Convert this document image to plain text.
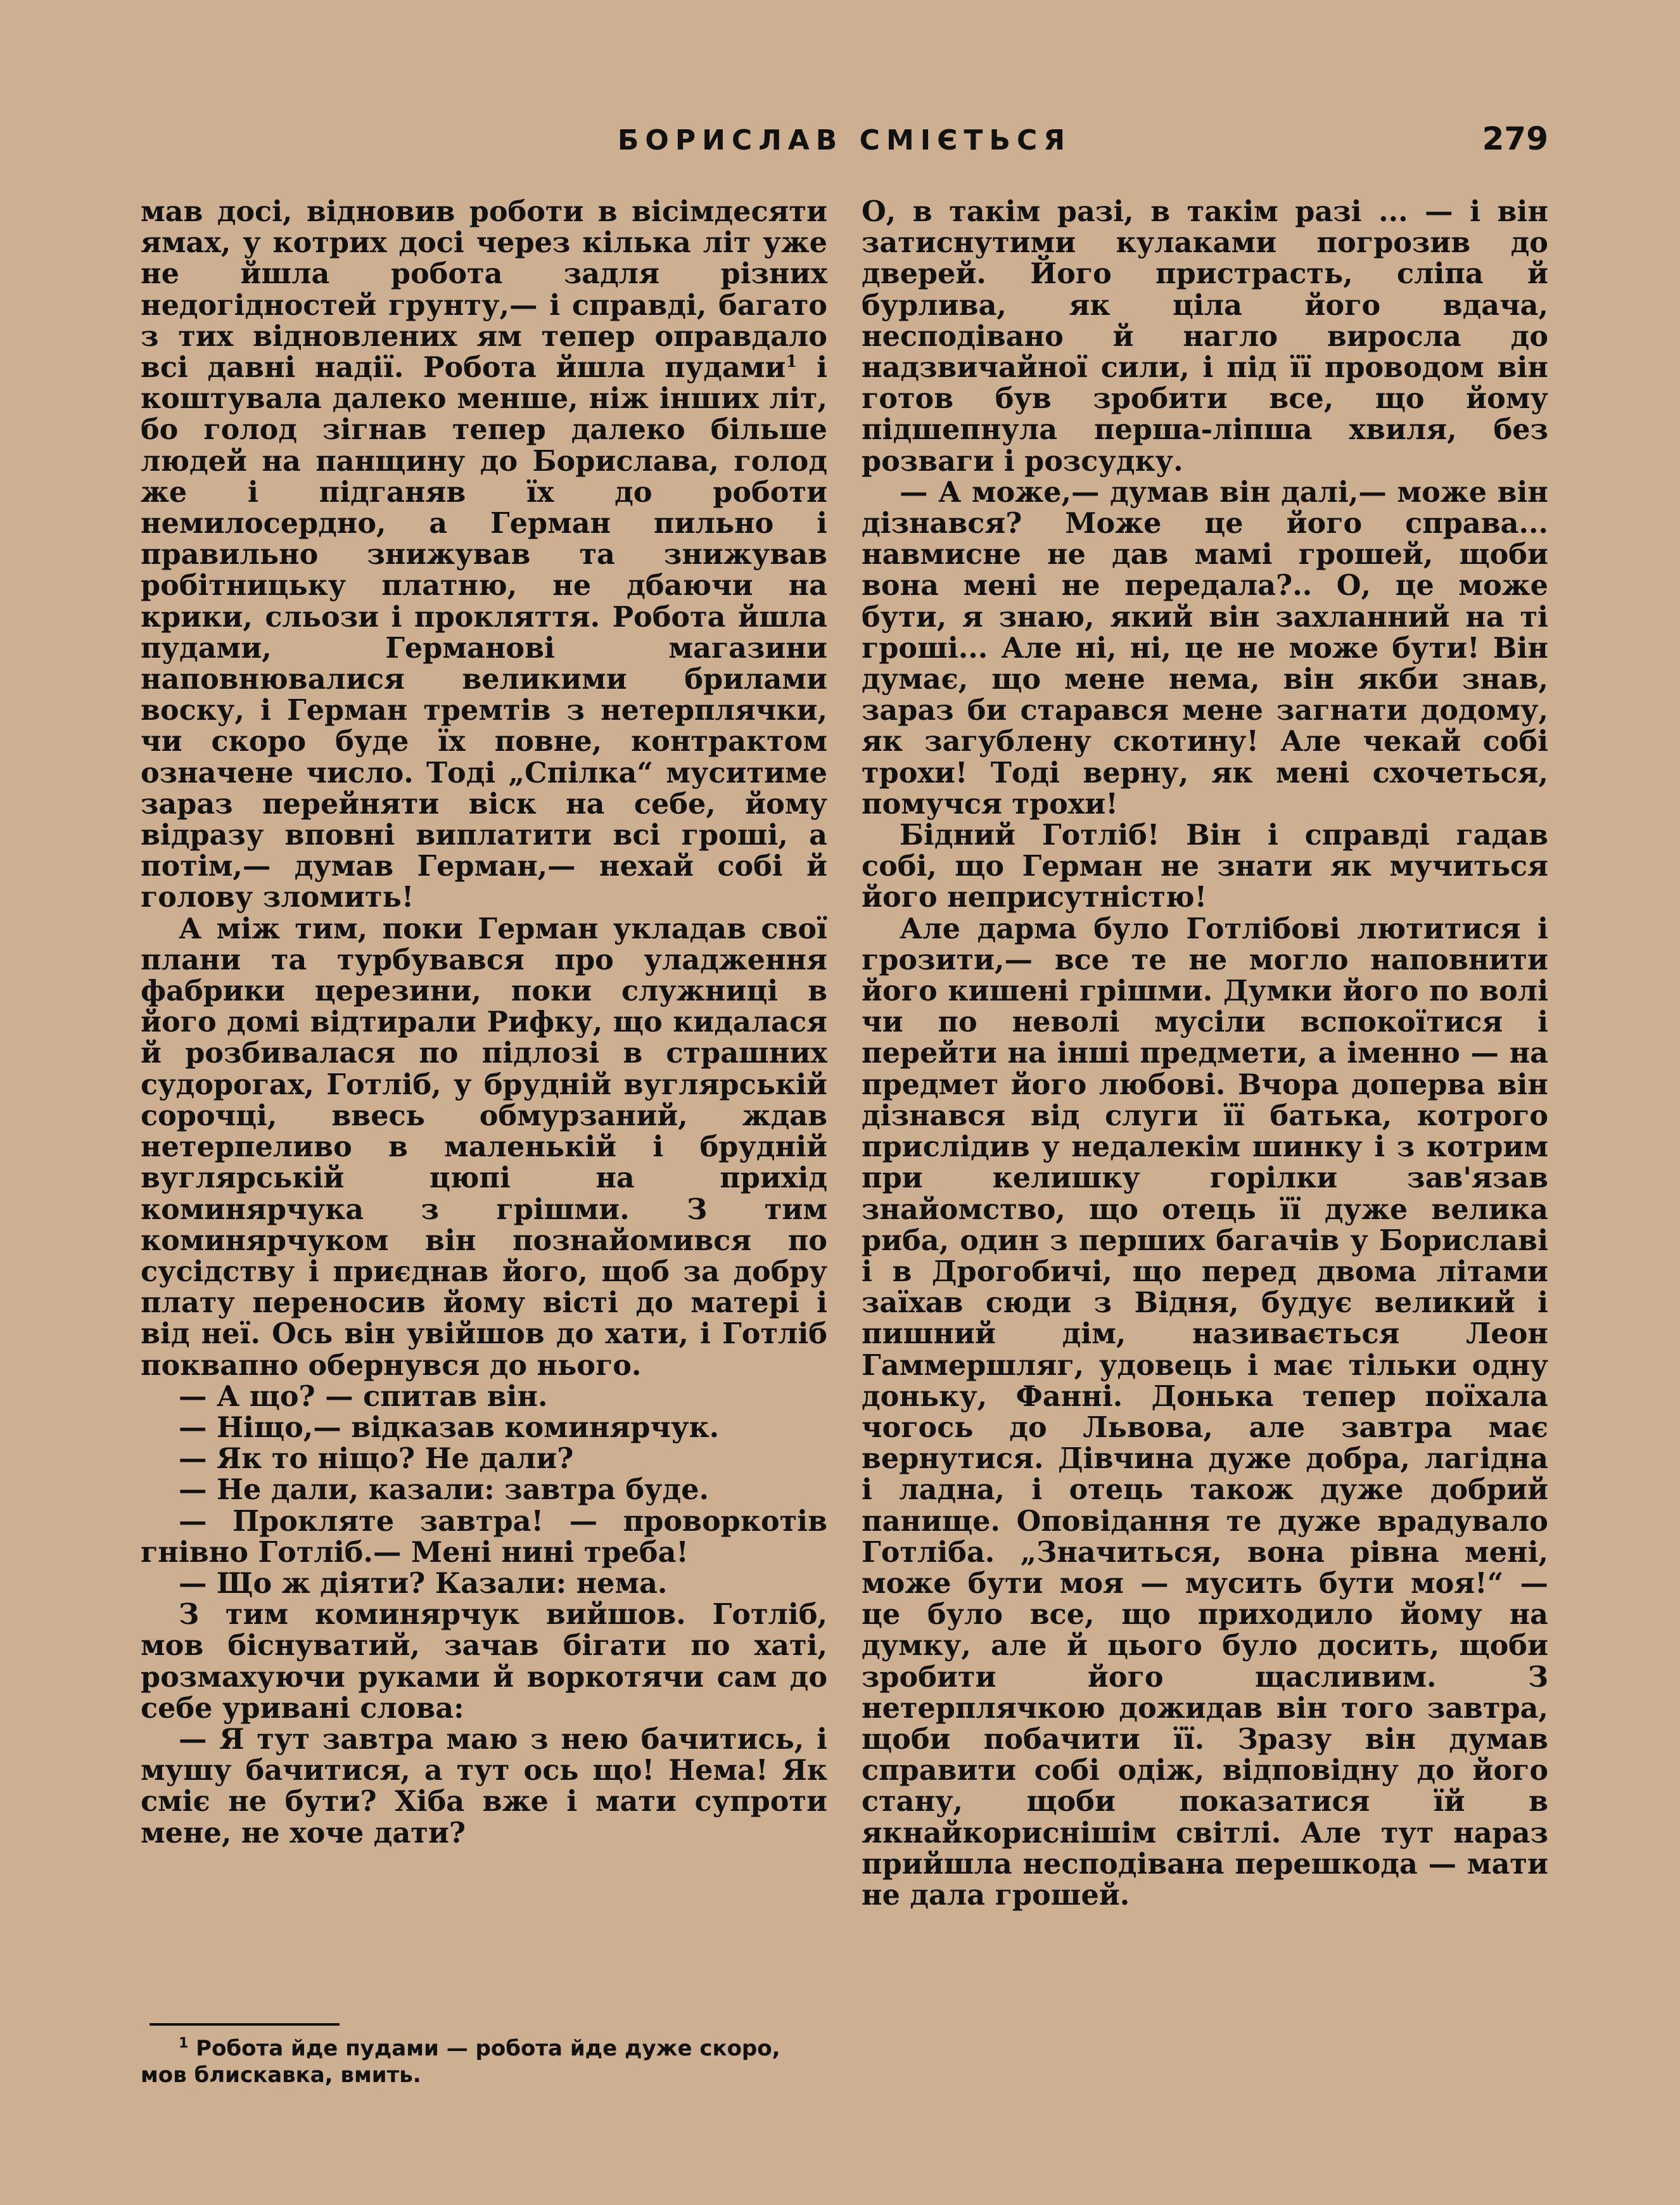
БОРИСЛАВ СМІЄТЬСЯ	279

мав досі, відновив роботи в вісімдесяти ямах, у котрих досі через кілька літ уже не йшла робота задля різних недогідностей грунту,— і справді, багато з тих відновлених ям тепер оправдало всі давні надії. Робота йшла пудами$^1$ і коштувала далеко менше, ніж інших літ, бо голод зігнав тепер далеко більше людей на панщину до Борислава, голод же і підганяв їх до роботи немилосердно, а Герман пильно і правильно знижував та знижував робітницьку платню, не дбаючи на крики, сльози і прокляття. Робота йшла пудами, Германові магазини наповнювалися великими брилами воску, і Герман тремтів з нетерплячки, чи скоро буде їх повне, контрактом означене число. Тоді „Спілка“ муситиме зараз перейняти віск на себе, йому відразу вповні виплатити всі гроші, а потім,— думав Герман,— нехай собі й голову зломить!

А між тим, поки Герман укладав свої плани та турбувався про уладження фабрики церезини, поки служниці в його домі відтирали Рифку, що кидалася й розбивалася по підлозі в страшних судорогах, Готліб, у брудній вуглярській сорочці, ввесь обмурзаний, ждав нетерпеливо в маленькій і брудній вуглярській цюпі на прихід коминярчука з грішми. З тим коминярчуком він познайомився по сусідству і приєднав його, щоб за добру плату переносив йому вісті до матері і від неї. Ось він увійшов до хати, і Готліб поквапно обернувся до нього.

— А що? — спитав він.

— Нiщо,— відказав коминярчук.

— Як то нiщо? Не дали?

— Не дали, казали: завтра буде.

— Прокляте завтра! — проворкотів гнівно Готліб.— Мені нині треба!

— Що ж діяти? Казали: нема.

З тим коминярчук вийшов. Готліб, мов біснуватий, зачав бігати по хаті, розмахуючи руками й воркотячи сам до себе уривані слова:

— Я тут завтра маю з нею бачитись, і мушу бачитися, а тут ось що! Нема! Як сміє не бути? Хіба вже і мати супроти мене, не хоче дати?

О, в такім разі, в такім разі ... — і він затиснутими кулаками погрозив до дверей. Його пристрасть, сліпа й бурлива, як ціла його вдача, несподівано й нагло виросла до надзвичайної сили, і під її проводом він готов був зробити все, що йому підшепнула перша-ліпша хвиля, без розваги і розсудку.

— А може,— думав він далі,— може він дізнався? Може це його справа... навмисне не дав мамі грошей, щоби вона мені не передала?.. О, це може бути, я знаю, який він захланний на ті гроші... Але ні, ні, це не може бути! Він думає, що мене нема, він якби знав, зараз би старався мене загнати додому, як загублену скотину! Але чекай собі трохи! Тоді верну, як мені схочеться, помучся трохи!

Бідний Готліб! Він і справді гадав собі, що Герман не знати як мучиться його неприсутністю!

Але дарма було Готлібові лютитися і грозити,— все те не могло наповнити його кишені грішми. Думки його по волі чи по неволі мусіли вспокоїтися і перейти на інші предмети, а іменно — на предмет його любові. Вчора допервa він дізнався від слуги її батька, котрого прислідив у недалекім шинку і з котрим при келишку горілки зав'язав знайомство, що отець її дуже велика риба, один з перших багачів у Бориславі і в Дрогобичі, що перед двома літами заїхав сюди з Відня, будує великий і пишний дім, називається Леон Гаммершляг, удовець і має тільки одну доньку, Фанні. Донька тепер поїхала чогось до Львова, але завтра має вернутися. Дівчина дуже добра, лагідна і ладна, і отець також дуже добрий панище. Оповідання те дуже врадувало Готліба. „Значиться, вона рівна мені, може бути моя — мусить бути моя!“ — це було все, що приходило йому на думку, але й цього було досить, щоби зробити його щасливим. З нетерплячкою дожидав він того завтра, щоби побачити її. Зразу він думав справити собі одіж, відповідну до його стану, щоби показатися їй в якнайкориснішім світлі. Але тут нараз прийшла несподівана перешкода — мати не дала грошей.

$^1$ Робота йде пудами — робота йде дуже скоро, мов блискавка, вмить.
